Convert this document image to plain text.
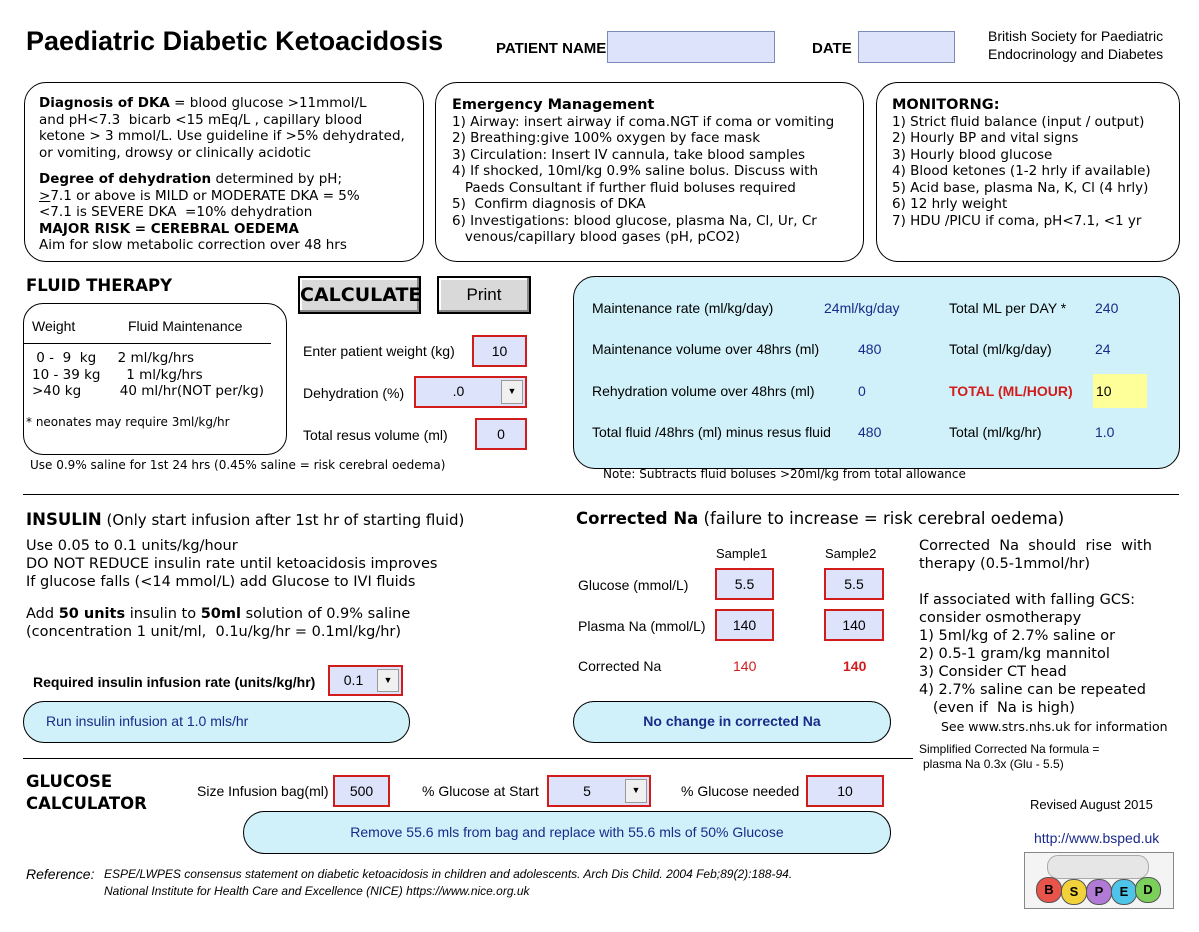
Paediatric Diabetic Ketoacidosis	PATIENT NAME	DATE
British Society for Paediatric
Endocrinology and Diabetes

Diagnosis of DKA = blood glucose >11mmol/L

and pH<7.3  bicarb <15 mEq/L , capillary blood

ketone > 3 mmol/L. Use guideline if >5% dehydrated,

or vomiting, drowsy or clinically acidotic

Degree of dehydration determined by pH;

>7.1 or above is MILD or MODERATE DKA = 5%

<7.1 is SEVERE DKA  =10% dehydration

MAJOR RISK = CEREBRAL OEDEMA

Aim for slow metabolic correction over 48 hrs

Emergency Management

1) Airway: insert airway if coma.NGT if coma or vomiting

2) Breathing:give 100% oxygen by face mask

3) Circulation: Insert IV cannula, take blood samples

4) If shocked, 10ml/kg 0.9% saline bolus. Discuss with

Paeds Consultant if further fluid boluses required

5)  Confirm diagnosis of DKA

6) Investigations: blood glucose, plasma Na, Cl, Ur, Cr

venous/capillary blood gases (pH, pCO2)

MONITORNG:

1) Strict fluid balance (input / output)

2) Hourly BP and vital signs

3) Hourly blood glucose

4) Blood ketones (1-2 hrly if available)

5) Acid base, plasma Na, K, Cl (4 hrly)

6) 12 hrly weight

7) HDU /PICU if coma, pH<7.1, <1 yr

FLUID THERAPY
Weight	Fluid Maintenance

0 -  9  kg     2 ml/kg/hrs

10 - 39 kg      1 ml/kg/hrs

>40 kg         40 ml/hr(NOT per/kg)

* neonates may require 3ml/kg/hr
Use 0.9% saline for 1st 24 hrs (0.45% saline = risk cerebral oedema)
CALCULATE	Print
Enter patient weight (kg)	10
Dehydration (%)	.0	▼
Total resus volume (ml)	0
Maintenance rate (ml/kg/day)	24ml/kg/day	Total ML per DAY * 240
Maintenance volume over 48hrs (ml)	480	Total (ml/kg/day)	24
Rehydration volume over 48hrs (ml)	0	TOTAL (ML/HOUR) 10
Total fluid /48hrs (ml) minus resus fluid 480	Total (ml/kg/hr)	1.0
Note: Subtracts fluid boluses >20ml/kg from total allowance
INSULIN (Only start infusion after 1st hr of starting fluid)

Use 0.05 to 0.1 units/kg/hour

DO NOT REDUCE insulin rate until ketoacidosis improves

If glucose falls (<14 mmol/L) add Glucose to IVI fluids

Add 50 units insulin to 50ml solution of 0.9% saline

(concentration 1 unit/ml,  0.1u/kg/hr = 0.1ml/kg/hr)

Required insulin infusion rate (units/kg/hr)	0.1	▼
Run insulin infusion at 1.0 mls/hr
Corrected Na (failure to increase = risk cerebral oedema)
Sample1	Sample2
Glucose (mmol/L)	5.5	5.5
Plasma Na (mmol/L)	140	140
Corrected Na	140	140
No change in corrected Na

Corrected  Na  should  rise  with

therapy (0.5-1mmol/hr)

If associated with falling GCS:

consider osmotherapy

1) 5ml/kg of 2.7% saline or

2) 0.5-1 gram/kg mannitol

3) Consider CT head

4) 2.7% saline can be repeated

(even if  Na is high)

See www.strs.nhs.uk for information
Simplified Corrected Na formula =
plasma Na 0.3x (Glu - 5.5)
GLUCOSE
CALCULATOR
Size Infusion bag(ml)	500	% Glucose at Start	5	▼	% Glucose needed	10
Remove 55.6 mls from bag and replace with 55.6 mls of 50% Glucose
Revised August 2015
http://www.bsped.uk
B	S	P	E	D
Reference: ESPE/LWPES consensus statement on diabetic ketoacidosis in children and adolescents. Arch Dis Child. 2004 Feb;89(2):188-94.
National Institute for Health Care and Excellence (NICE) https://www.nice.org.uk
